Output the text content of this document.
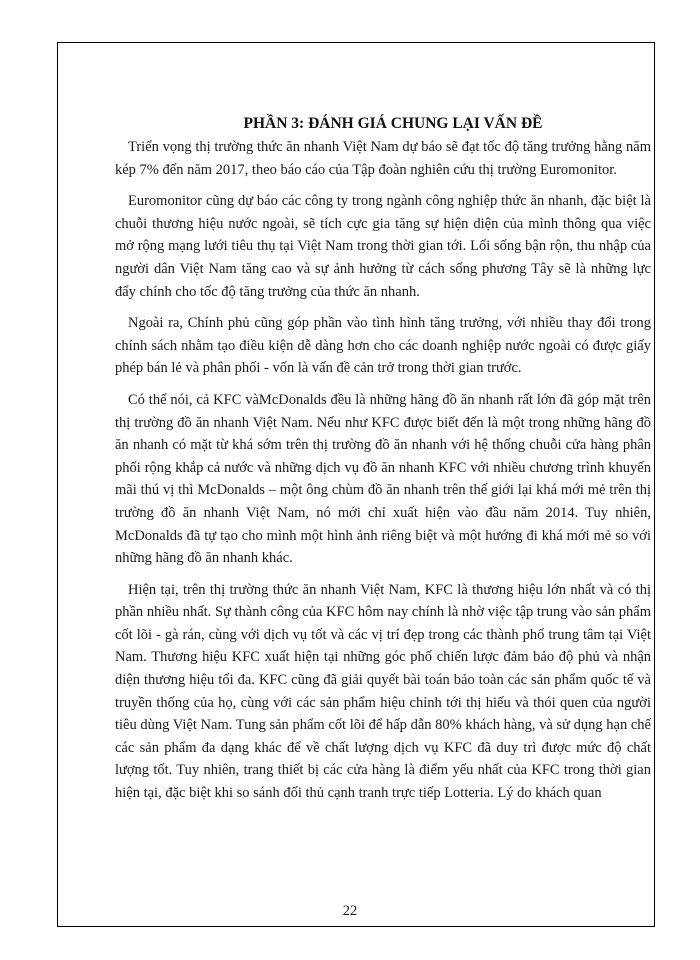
PHẦN 3: ĐÁNH GIÁ CHUNG LẠI VẤN ĐỀ

Triển vọng thị trường thức ăn nhanh Việt Nam dự báo sẽ đạt tốc độ tăng trưởng hằng năm kép 7% đến năm 2017, theo báo cáo của Tập đoàn nghiên cứu thị trường Euromonitor.

Euromonitor cũng dự báo các công ty trong ngành công nghiệp thức ăn nhanh, đặc biệt là chuỗi thương hiệu nước ngoài, sẽ tích cực gia tăng sự hiện diện của mình thông qua việc mở rộng mạng lưới tiêu thụ tại Việt Nam trong thời gian tới. Lối sống bận rộn, thu nhập của người dân Việt Nam tăng cao và sự ảnh hưởng từ cách sống phương Tây sẽ là những lực đẩy chính cho tốc độ tăng trưởng của thức ăn nhanh.

Ngoài ra, Chính phủ cũng góp phần vào tình hình tăng trưởng, với nhiều thay đổi trong chính sách nhằm tạo điều kiện dễ dàng hơn cho các doanh nghiệp nước ngoài có được giấy phép bán lẻ và phân phối - vốn là vấn đề cản trở trong thời gian trước.

Có thể nói, cả KFC vàMcDonalds đều là những hãng đồ ăn nhanh rất lớn đã góp mặt trên thị trường đồ ăn nhanh Việt Nam. Nếu như KFC được biết đến là một trong những hãng đồ ăn nhanh có mặt từ khá sớm trên thị trường đồ ăn nhanh với hệ thống chuỗi cửa hàng phân phối rộng khắp cả nước và những dịch vụ đồ ăn nhanh KFC với nhiều chương trình khuyến mãi thú vị thì McDonalds – một ông chùm đồ ăn nhanh trên thế giới lại khá mới mẻ trên thị trường đồ ăn nhanh Việt Nam, nó mới chỉ xuất hiện vào đầu năm 2014. Tuy nhiên, McDonalds đã tự tạo cho mình một hình ảnh riêng biệt và một hướng đi khá mới mẻ so với những hãng đồ ăn nhanh khác.

Hiện tại, trên thị trường thức ăn nhanh Việt Nam, KFC là thương hiệu lớn nhất và có thị phần nhiều nhất. Sự thành công của KFC hôm nay chính là nhờ việc tập trung vào sản phẩm cốt lõi - gà rán, cùng với dịch vụ tốt và các vị trí đẹp trong các thành phố trung tâm tại Việt Nam. Thương hiệu KFC xuất hiện tại những góc phố chiến lược đảm bảo độ phủ và nhận diện thương hiệu tối đa. KFC cũng đã giải quyết bài toán bảo toàn các sản phẩm quốc tế và truyền thống của họ, cùng với các sản phẩm hiệu chỉnh tới thị hiếu và thói quen của người tiêu dùng Việt Nam. Tung sản phẩm cốt lõi để hấp dẫn 80% khách hàng, và sử dụng hạn chế các sản phẩm đa dạng khác để về chất lượng dịch vụ KFC đã duy trì được mức độ chất lượng tốt. Tuy nhiên, trang thiết bị các cửa hàng là điểm yếu nhất của KFC trong thời gian hiện tại, đặc biệt khi so sánh đối thủ cạnh tranh trực tiếp Lotteria. Lý do khách quan

22
